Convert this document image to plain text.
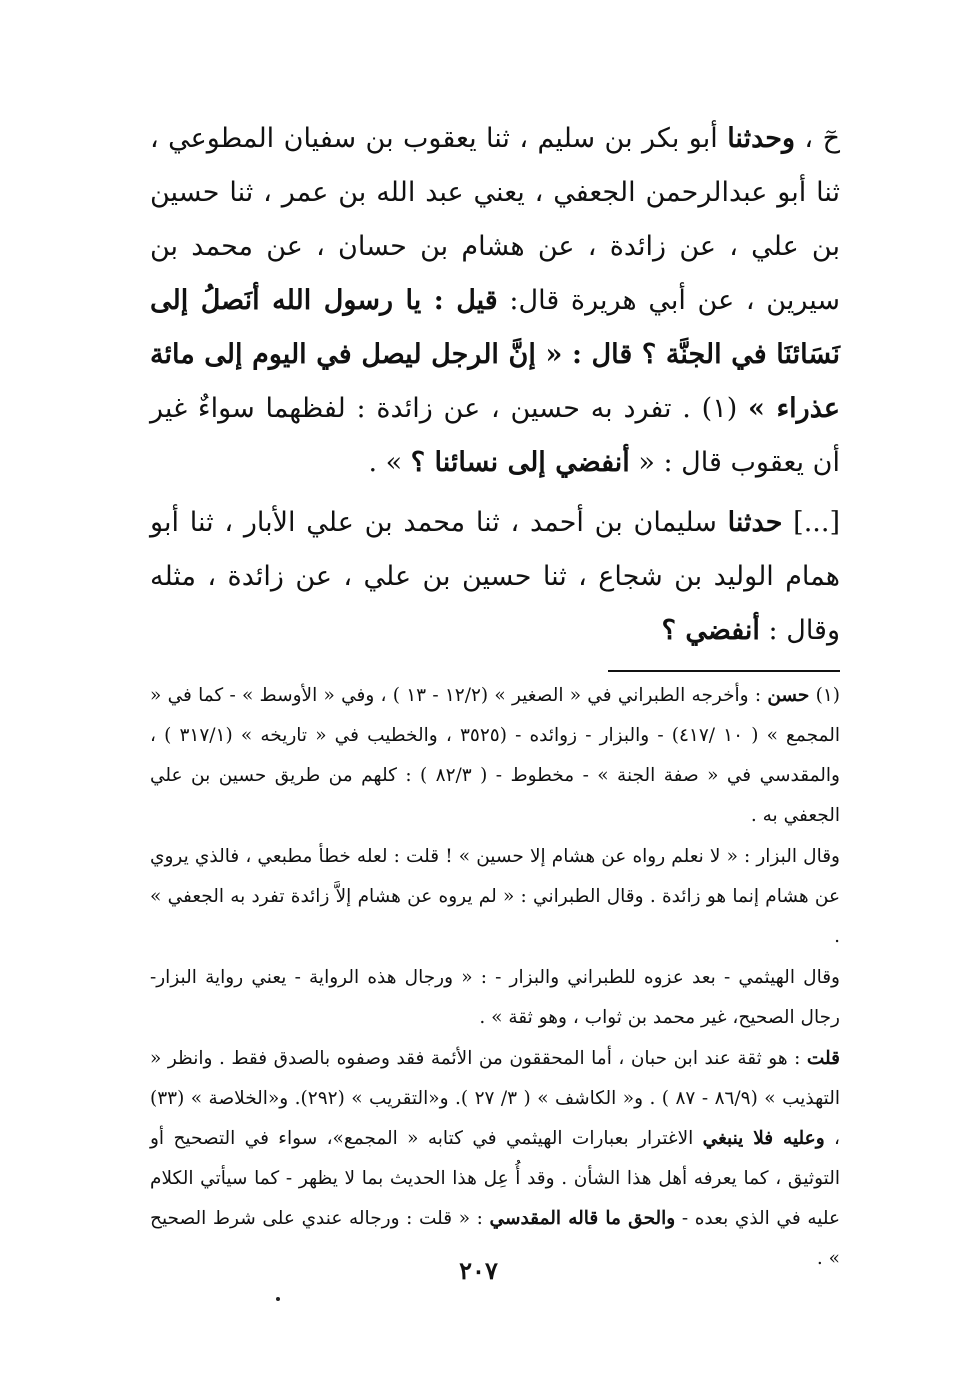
حٓ ، وحدثنا أبو بكر بن سليم ، ثنا يعقوب بن سفيان المطوعي ، ثنا أبو عبدالرحمن الجعفي ، يعني عبد الله بن عمر ، ثنا حسين بن علي ، عن زائدة ، عن هشام بن حسان ، عن محمد بن سيرين ، عن أبي هريرة قال: قيل : يا رسول الله أنَصلُ إلى نَسَائنَا في الجنَّة ؟ قال : « إنَّ الرجل ليصل في اليوم إلى مائة عذراء » (١) . تفرد به حسين ، عن زائدة : لفظهما سواءٌ غير أن يعقوب قال : « أنفضي إلى نسائنا ؟ » .

[...] حدثنا سليمان بن أحمد ، ثنا محمد بن علي الأبار ، ثنا أبو همام الوليد بن شجاع ، ثنا حسين بن علي ، عن زائدة ، مثله وقال : أنفضي ؟

(١) حسن : وأخرجه الطبراني في « الصغير » (١٢/٢ - ١٣ ) ، وفي « الأوسط » - كما في « المجمع » ( ١٠ /٤١٧) - والبزار - زوائده - (٣٥٢٥ ، والخطيب في « تاريخه » (٣١٧/١ ) ، والمقدسي في « صفة الجنة » - مخطوط - ( ٨٢/٣ ) : كلهم من طريق حسين بن علي الجعفي به .

وقال البزار : « لا نعلم رواه عن هشام إلا حسين » ! قلت : لعله خطأ مطبعي ، فالذي يروي عن هشام إنما هو زائدة . وقال الطبراني : « لم يروه عن هشام إلاَّ زائدة تفرد به الجعفي » .

وقال الهيثمي - بعد عزوه للطبراني والبزار - : « ورجال هذه الرواية - يعني رواية البزار- رجال الصحيح، غير محمد بن ثواب ، وهو ثقة » .

قلت : هو ثقة عند ابن حبان ، أما المحققون من الأئمة فقد وصفوه بالصدق فقط . وانظر « التهذيب » (٨٦/٩ - ٨٧ ) . و« الكاشف » ( ٣/ ٢٧ ). و«التقريب » (٢٩٢). و«الخلاصة » (٣٣) ، وعليه فلا ينبغي الاغترار بعبارات الهيثمي في كتابه « المجمع»، سواء في التصحيح أو التوثيق ، كما يعرفه أهل هذا الشأن . وقد أُ عِل هذا الحديث بما لا يظهر - كما سيأتي الكلام عليه في الذي بعده - والحق ما قاله المقدسي : « قلت : ورجاله عندي على شرط الصحيح » .

٢٠٧
